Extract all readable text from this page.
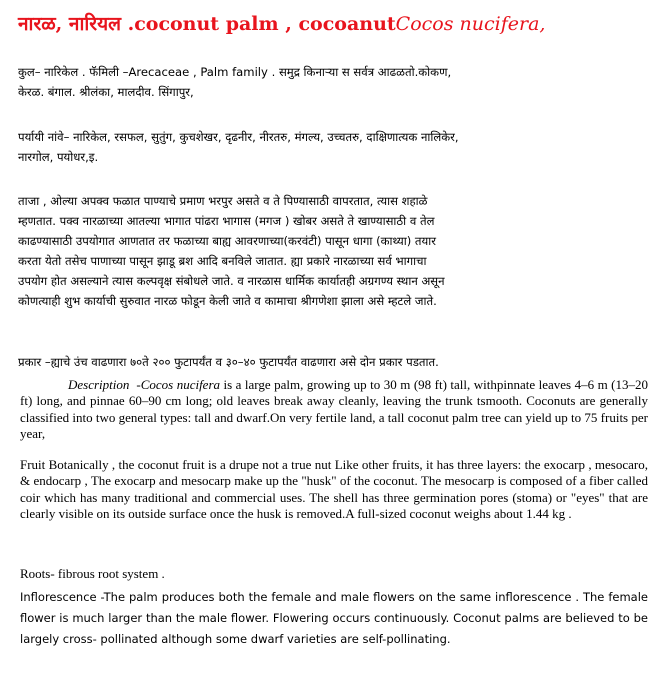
नारळ, नारियल .coconut palm , cocoanutCocos nucifera,
कुल– नारिकेल . फॅमिली –Arecaceae , Palm family . समुद्र किनाऱ्या स सर्वत्र आढळतो.कोकण,
केरळ. बंगाल. श्रीलंका, मालदीव. सिंगापुर,
पर्यायी नांवे– नारिकेल, रसफल, सुतुंग, कुचशेखर, दृढनीर, नीरतरु, मंगल्य, उच्चतरु, दाक्षिणात्यक नालिकेर,
नारगोल, पयोधर,इ.
ताजा , ओल्या अपक्व फळात पाण्याचे प्रमाण भरपुर असते व ते पिण्यासाठी वापरतात, त्यास शहाळे
म्हणतात. पक्व नारळाच्या आतल्या भागात पांढरा भागास (मगज ) खोबर असते ते खाण्यासाठी व तेल
काढण्यासाठी उपयोगात आणतात तर फळाच्या बाह्य आवरणाच्या(करवंटी) पासून धागा (काथ्या) तयार
करता येतो तसेच पाणाच्या पासून झाडू ब्रश आदि बनविले जातात. ह्या प्रकारे नारळाच्या सर्व भागाचा
उपयोग होत असल्याने त्यास कल्पवृक्ष संबोधले जाते. व नारळास धार्मिक कार्यातही अग्रगण्य स्थान असून
कोणत्याही शुभ कार्याची सुरुवात नारळ फोडून केली जाते व कामाचा श्रीगणेशा झाला असे म्हटले जाते.
प्रकार –ह्याचे उंच वाढणारा ७०ते २०० फुटापर्यंत व ३०–४० फुटापर्यंत वाढणारा असे दोन प्रकार पडतात.
Description -Cocos nucifera is a large palm, growing up to 30 m (98 ft) tall, withpinnate leaves 4–6 m (13–20 ft) long, and pinnae 60–90 cm long; old leaves break away cleanly, leaving the trunk tsmooth. Coconuts are generally classified into two general types: tall and dwarf.On very fertile land, a tall coconut palm tree can yield up to 75 fruits per year,
Fruit Botanically , the coconut fruit is a drupe not a true nut Like other fruits, it has three layers: the exocarp , mesocaro, & endocarp , The exocarp and mesocarp make up the "husk" of the coconut. The mesocarp is composed of a fiber called coir which has many traditional and commercial uses. The shell has three germination pores (stoma) or "eyes" that are clearly visible on its outside surface once the husk is removed.A full-sized coconut weighs about 1.44 kg .
Roots- fibrous root system .
Inflorescence -The palm produces both the female and male flowers on the same inflorescence . The female flower is much larger than the male flower. Flowering occurs continuously. Coconut palms are believed to be largely cross- pollinated although some dwarf varieties are self-pollinating.
